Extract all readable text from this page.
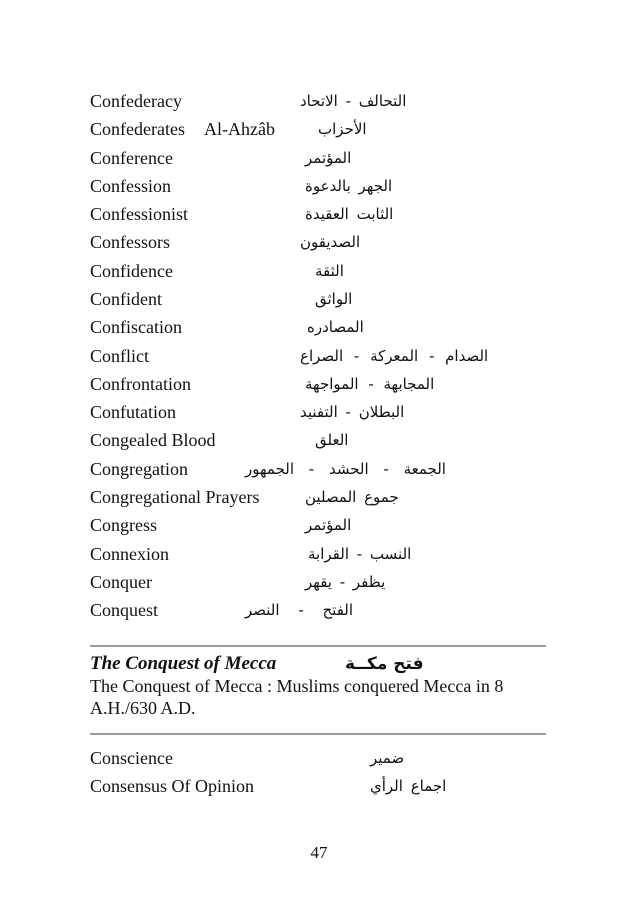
Confederacy	التحالف - الاتحاد
Confederates Al-Ahzâb	الأحزاب
Conference	المؤتمر
Confession	الجهر بالدعوة
Confessionist	الثابت العقيدة
Confessors	الصديقون
Confidence	الثقة
Confident	الواثق
Confiscation	المصادره
Conflict	الصدام - المعركة - الصراع
Confrontation	المجابهة - المواجهة
Confutation	البطلان - التفنيد
Congealed Blood	العلق
Congregation	الجمعة - الحشد - الجمهور
Congregational Prayers	جموع المصلين
Congress	المؤتمر
Connexion	النسب - القرابة
Conquer	يظفر - يقهر
Conquest	الفتح - النصر
The Conquest of Mecca	فتح مكــة
The Conquest of Mecca : Muslims conquered Mecca in 8 A.H./630 A.D.
Conscience	ضمير
Consensus Of Opinion	اجماع الرأي
47
